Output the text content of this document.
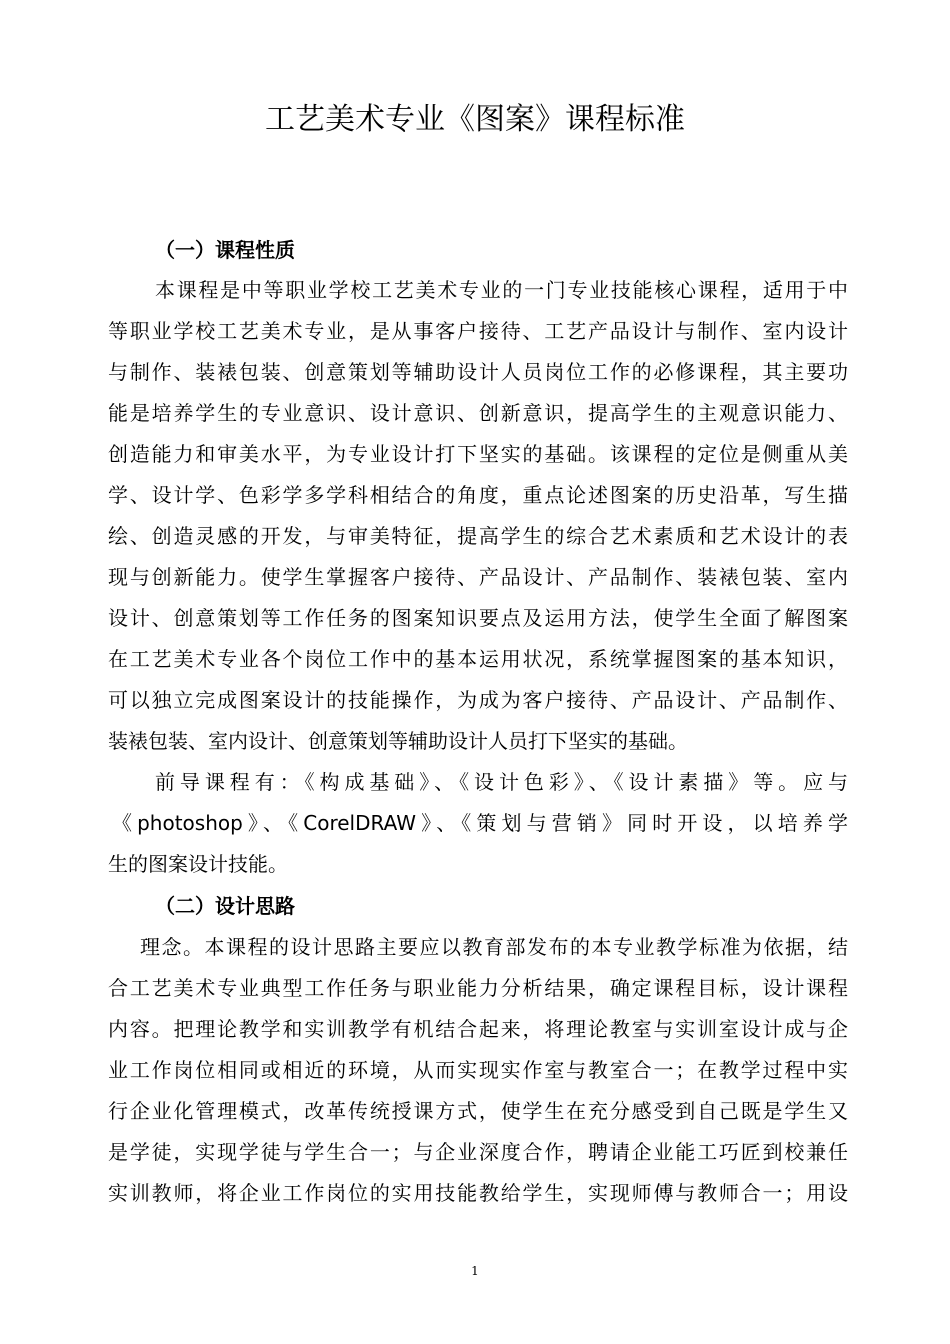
工艺美术专业《图案》课程标准
（一）课程性质
本课程是中等职业学校工艺美术专业的一门专业技能核心课程，适用于中
等职业学校工艺美术专业，是从事客户接待、工艺产品设计与制作、室内设计
与制作、装裱包装、创意策划等辅助设计人员岗位工作的必修课程，其主要功
能是培养学生的专业意识、设计意识、创新意识，提高学生的主观意识能力、
创造能力和审美水平，为专业设计打下坚实的基础。该课程的定位是侧重从美
学、设计学、色彩学多学科相结合的角度，重点论述图案的历史沿革，写生描
绘、创造灵感的开发，与审美特征，提高学生的综合艺术素质和艺术设计的表
现与创新能力。使学生掌握客户接待、产品设计、产品制作、装裱包装、室内
设计、创意策划等工作任务的图案知识要点及运用方法，使学生全面了解图案
在工艺美术专业各个岗位工作中的基本运用状况，系统掌握图案的基本知识，
可以独立完成图案设计的技能操作，为成为客户接待、产品设计、产品制作、
装裱包装、室内设计、创意策划等辅助设计人员打下坚实的基础。
前导课程有：《构成基础》、《设计色彩》、《设计素描》等。应与
《photoshop》、《CorelDRAW》、《策划与营销》同时开设，以培养学
生的图案设计技能。
（二）设计思路
理念。本课程的设计思路主要应以教育部发布的本专业教学标准为依据，结
合工艺美术专业典型工作任务与职业能力分析结果，确定课程目标，设计课程
内容。把理论教学和实训教学有机结合起来，将理论教室与实训室设计成与企
业工作岗位相同或相近的环境，从而实现实作室与教室合一；在教学过程中实
行企业化管理模式，改革传统授课方式，使学生在充分感受到自己既是学生又
是学徒，实现学徒与学生合一；与企业深度合作，聘请企业能工巧匠到校兼任
实训教师，将企业工作岗位的实用技能教给学生，实现师傅与教师合一；用设
1
